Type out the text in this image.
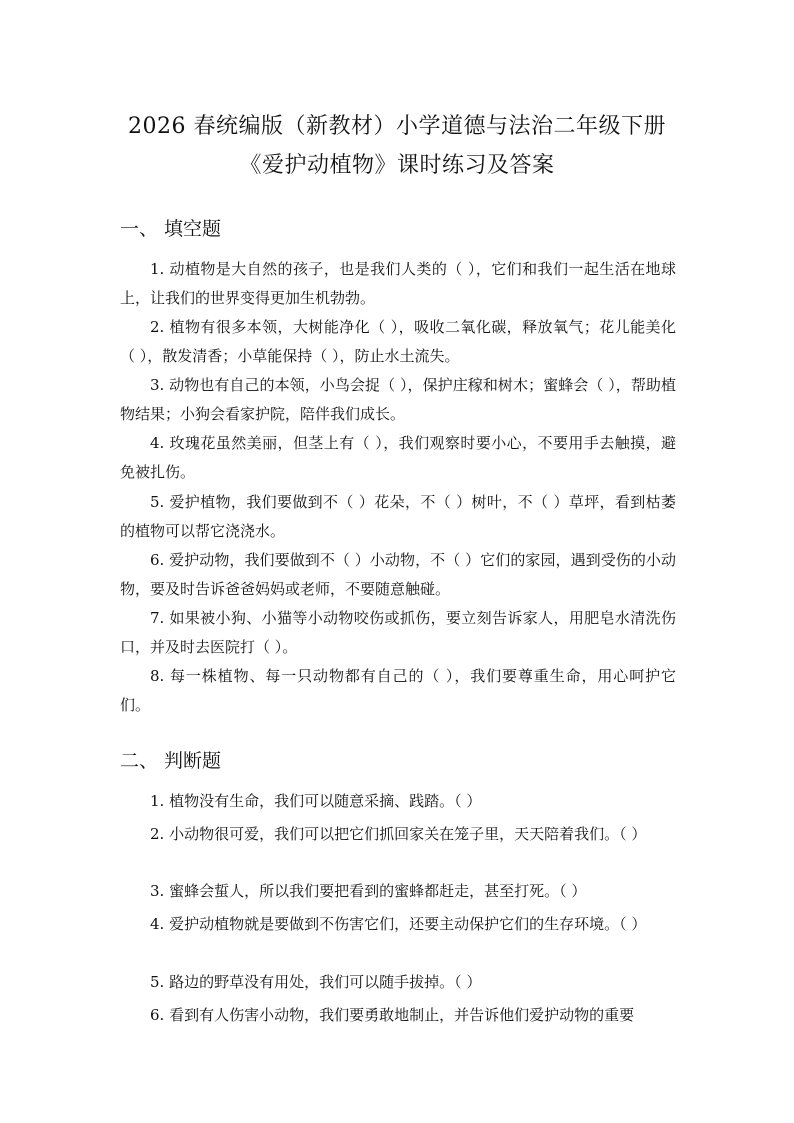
2026 春统编版（新教材）小学道德与法治二年级下册
《爱护动植物》课时练习及答案
一、 填空题

1. 动植物是大自然的孩子，也是我们人类的（ ），它们和我们一起生活在地球上，让我们的世界变得更加生机勃勃。

2. 植物有很多本领，大树能净化（ ），吸收二氧化碳，释放氧气；花儿能美化（ ），散发清香；小草能保持（ ），防止水土流失。

3. 动物也有自己的本领，小鸟会捉（ ），保护庄稼和树木；蜜蜂会（ ），帮助植物结果；小狗会看家护院，陪伴我们成长。

4. 玫瑰花虽然美丽，但茎上有（ ），我们观察时要小心，不要用手去触摸，避免被扎伤。

5. 爱护植物，我们要做到不（ ）花朵，不（ ）树叶，不（ ）草坪，看到枯萎的植物可以帮它浇浇水。

6. 爱护动物，我们要做到不（ ）小动物，不（ ）它们的家园，遇到受伤的小动物，要及时告诉爸爸妈妈或老师，不要随意触碰。

7. 如果被小狗、小猫等小动物咬伤或抓伤，要立刻告诉家人，用肥皂水清洗伤口，并及时去医院打（ ）。

8. 每一株植物、每一只动物都有自己的（ ），我们要尊重生命，用心呵护它们。

二、 判断题

1. 植物没有生命，我们可以随意采摘、践踏。（ ）

2. 小动物很可爱，我们可以把它们抓回家关在笼子里，天天陪着我们。（ ）

3. 蜜蜂会蜇人，所以我们要把看到的蜜蜂都赶走，甚至打死。（ ）

4. 爱护动植物就是要做到不伤害它们，还要主动保护它们的生存环境。（ ）

5. 路边的野草没有用处，我们可以随手拔掉。（ ）

6. 看到有人伤害小动物，我们要勇敢地制止，并告诉他们爱护动物的重要
